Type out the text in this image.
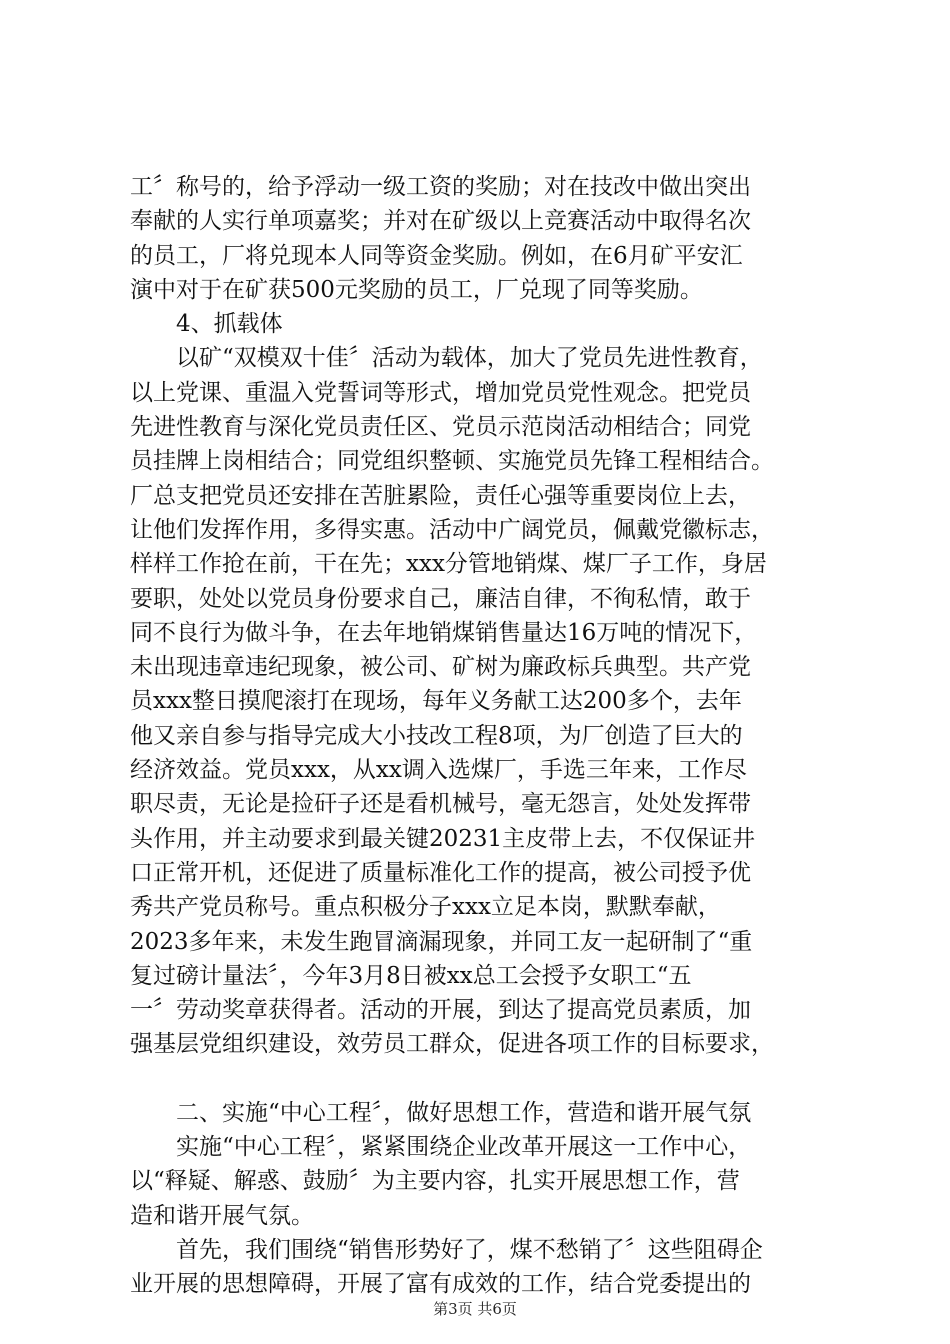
工〞称号的，给予浮动一级工资的奖励；对在技改中做出突出
奉献的人实行单项嘉奖；并对在矿级以上竞赛活动中取得名次
的员工，厂将兑现本人同等资金奖励。例如，在6月矿平安汇
演中对于在矿获500元奖励的员工，厂兑现了同等奖励。
　　4、抓载体
　　以矿“双模双十佳〞活动为载体，加大了党员先进性教育，
以上党课、重温入党誓词等形式，增加党员党性观念。把党员
先进性教育与深化党员责任区、党员示范岗活动相结合；同党
员挂牌上岗相结合；同党组织整顿、实施党员先锋工程相结合。
厂总支把党员还安排在苦脏累险，责任心强等重要岗位上去，
让他们发挥作用，多得实惠。活动中广阔党员，佩戴党徽标志，
样样工作抢在前，干在先；xxx分管地销煤、煤厂子工作，身居
要职，处处以党员身份要求自己，廉洁自律，不徇私情，敢于
同不良行为做斗争，在去年地销煤销售量达16万吨的情况下，
未出现违章违纪现象，被公司、矿树为廉政标兵典型。共产党
员xxx整日摸爬滚打在现场，每年义务献工达200多个，去年
他又亲自参与指导完成大小技改工程8项，为厂创造了巨大的
经济效益。党员xxx，从xx调入选煤厂，手选三年来，工作尽
职尽责，无论是捡矸子还是看机械号，毫无怨言，处处发挥带
头作用，并主动要求到最关键20231主皮带上去，不仅保证井
口正常开机，还促进了质量标准化工作的提高，被公司授予优
秀共产党员称号。重点积极分子xxx立足本岗，默默奉献，
2023多年来，未发生跑冒滴漏现象，并同工友一起研制了“重
复过磅计量法〞，今年3月8日被xx总工会授予女职工“五
一〞劳动奖章获得者。活动的开展，到达了提高党员素质，加
强基层党组织建设，效劳员工群众，促进各项工作的目标要求，
　　二、实施“中心工程〞，做好思想工作，营造和谐开展气氛
　　实施“中心工程〞，紧紧围绕企业改革开展这一工作中心，
以“释疑、解惑、鼓励〞为主要内容，扎实开展思想工作，营
造和谐开展气氛。
　　首先，我们围绕“销售形势好了，煤不愁销了〞这些阻碍企
业开展的思想障碍，开展了富有成效的工作，结合党委提出的
第3页 共6页
